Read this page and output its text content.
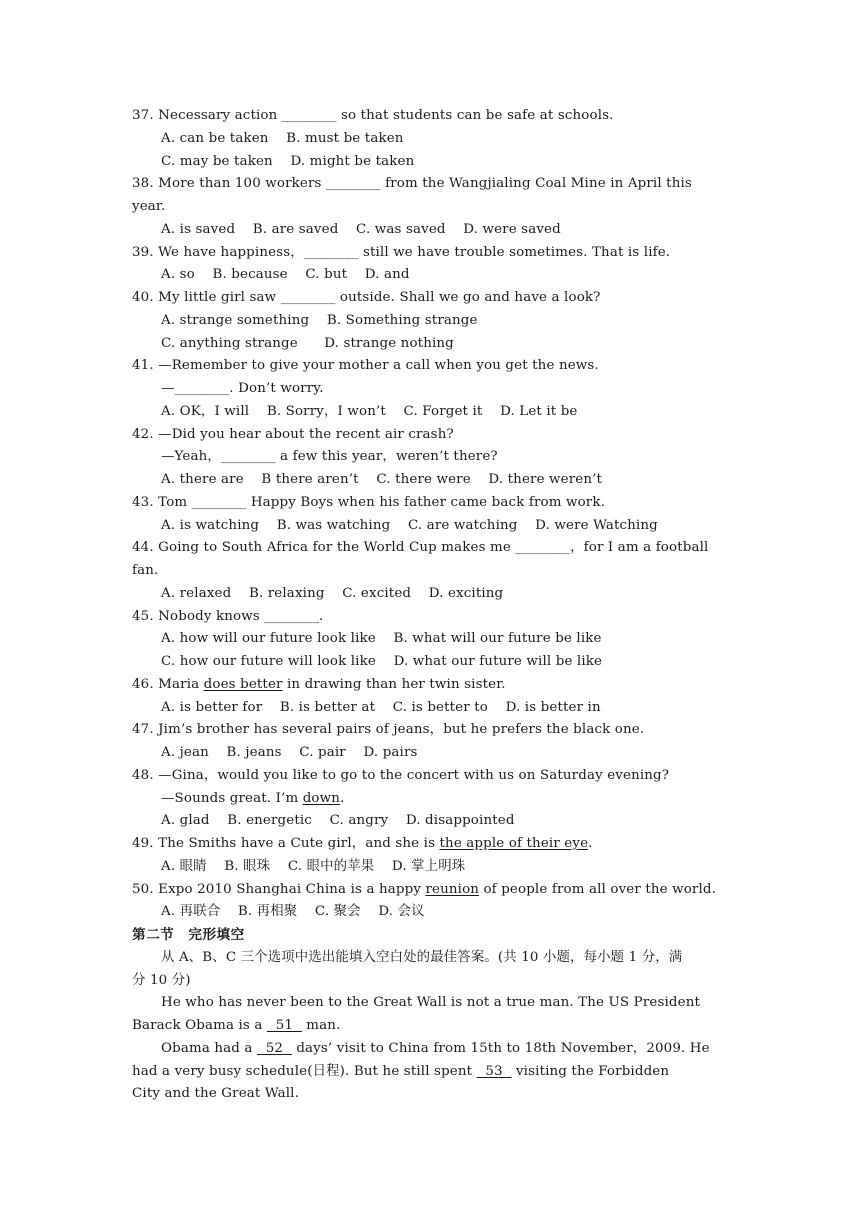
37. Necessary action ________ so that students can be safe at schools.
A. can be taken    B. must be taken
C. may be taken    D. might be taken
38. More than 100 workers ________ from the Wangjialing Coal Mine in April this
year.
A. is saved    B. are saved    C. was saved    D. were saved
39. We have happiness，________ still we have trouble sometimes. That is life.
A. so    B. because    C. but    D. and
40. My little girl saw ________ outside. Shall we go and have a look?
A. strange something    B. Something strange
C. anything strange      D. strange nothing
41. —Remember to give your mother a call when you get the news.
—________. Don’t worry.
A. OK，I will    B. Sorry，I won’t    C. Forget it    D. Let it be
42. —Did you hear about the recent air crash?
—Yeah，________ a few this year，weren’t there?
A. there are    B there aren’t    C. there were    D. there weren’t
43. Tom ________ Happy Boys when his father came back from work.
A. is watching    B. was watching    C. are watching    D. were Watching
44. Going to South Africa for the World Cup makes me ________，for I am a football
fan.
A. relaxed    B. relaxing    C. excited    D. exciting
45. Nobody knows ________.
A. how will our future look like    B. what will our future be like
C. how our future will look like    D. what our future will be like
46. Maria does better in drawing than her twin sister.
A. is better for    B. is better at    C. is better to    D. is better in
47. Jim’s brother has several pairs of jeans，but he prefers the black one.
A. jean    B. jeans    C. pair    D. pairs
48. —Gina，would you like to go to the concert with us on Saturday evening?
—Sounds great. I’m down.
A. glad    B. energetic    C. angry    D. disappointed
49. The Smiths have a Cute girl，and she is the apple of their eye.
A. 眼睛    B. 眼珠    C. 眼中的苹果    D. 掌上明珠
50. Expo 2010 Shanghai China is a happy reunion of people from all over the world.
A. 再联合    B. 再相聚    C. 聚会    D. 会议
第二节　完形填空
从 A、B、C 三个选项中选出能填入空白处的最佳答案。(共 10 小题，每小题 1 分，满
分 10 分)
He who has never been to the Great Wall is not a true man. The US President
Barack Obama is a   51   man.
Obama had a   52   days’ visit to China from 15th to 18th November，2009. He
had a very busy schedule(日程). But he still spent   53   visiting the Forbidden
City and the Great Wall.
